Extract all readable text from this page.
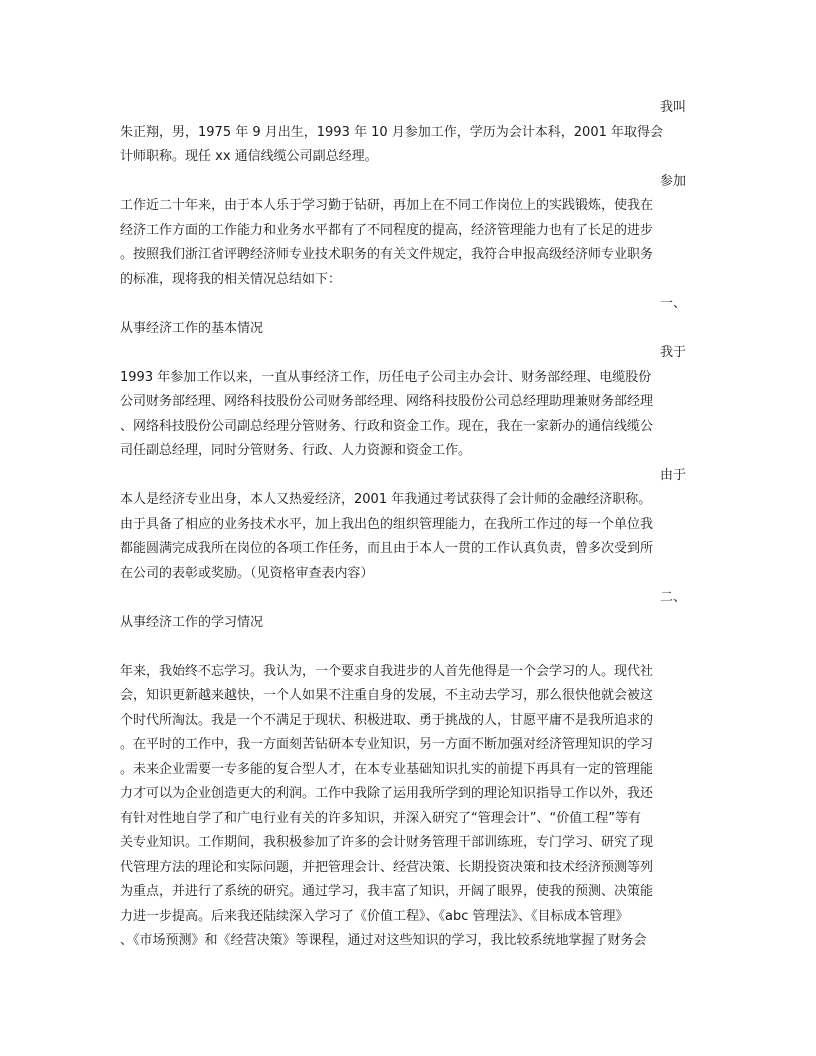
我叫
朱正翔，男，1975 年 9 月出生，1993 年 10 月参加工作，学历为会计本科，2001 年取得会
计师职称。现任 xx 通信线缆公司副总经理。
参加
工作近二十年来，由于本人乐于学习勤于钻研，再加上在不同工作岗位上的实践锻炼，使我在
经济工作方面的工作能力和业务水平都有了不同程度的提高，经济管理能力也有了长足的进步
。按照我们浙江省评聘经济师专业技术职务的有关文件规定，我符合申报高级经济师专业职务
的标准，现将我的相关情况总结如下：
一、
从事经济工作的基本情况
我于
1993 年参加工作以来，一直从事经济工作，历任电子公司主办会计、财务部经理、电缆股份
公司财务部经理、网络科技股份公司财务部经理、网络科技股份公司总经理助理兼财务部经理
、网络科技股份公司副总经理分管财务、行政和资金工作。现在，我在一家新办的通信线缆公
司任副总经理，同时分管财务、行政、人力资源和资金工作。
由于
本人是经济专业出身，本人又热爱经济，2001 年我通过考试获得了会计师的金融经济职称。
由于具备了相应的业务技术水平，加上我出色的组织管理能力，在我所工作过的每一个单位我
都能圆满完成我所在岗位的各项工作任务，而且由于本人一贯的工作认真负责，曾多次受到所
在公司的表彰或奖励。（见资格审查表内容）
二、
从事经济工作的学习情况
年来，我始终不忘学习。我认为，一个要求自我进步的人首先他得是一个会学习的人。现代社
会，知识更新越来越快，一个人如果不注重自身的发展，不主动去学习，那么很快他就会被这
个时代所淘汰。我是一个不满足于现状、积极进取、勇于挑战的人，甘愿平庸不是我所追求的
。在平时的工作中，我一方面刻苦钻研本专业知识，另一方面不断加强对经济管理知识的学习
。未来企业需要一专多能的复合型人才，在本专业基础知识扎实的前提下再具有一定的管理能
力才可以为企业创造更大的利润。工作中我除了运用我所学到的理论知识指导工作以外，我还
有针对性地自学了和广电行业有关的许多知识，并深入研究了“管理会计”、“价值工程”等有
关专业知识。工作期间，我积极参加了许多的会计财务管理干部训练班，专门学习、研究了现
代管理方法的理论和实际问题，并把管理会计、经营决策、长期投资决策和技术经济预测等列
为重点，并进行了系统的研究。通过学习，我丰富了知识，开阔了眼界，使我的预测、决策能
力进一步提高。后来我还陆续深入学习了《价值工程》、《abc 管理法》、《目标成本管理》
、《市场预测》和《经营决策》等课程，通过对这些知识的学习，我比较系统地掌握了财务会
